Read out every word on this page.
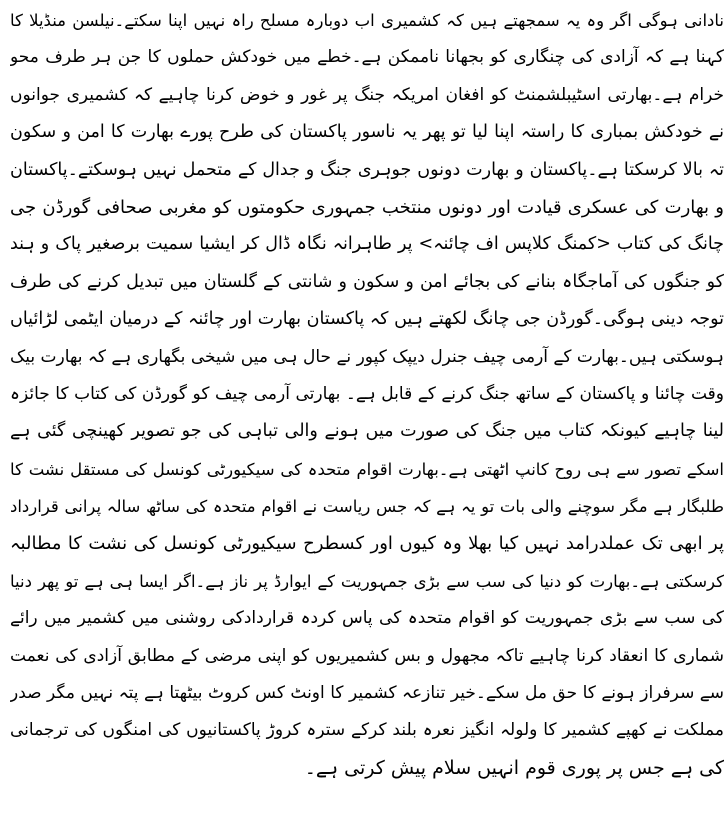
نادانی ہوگی اگر وہ یہ سمجھتے ہیں کہ کشمیری اب دوبارہ مسلح راہ نہیں اپنا سکتے۔نیلسن منڈیلا کا
کہنا ہے کہ آزادی کی چنگاری کو بجھانا ناممکن ہے۔خطے میں خودکش حملوں کا جن ہر طرف محو
خرام ہے۔بھارتی اسٹیبلشمنٹ کو افغان امریکہ جنگ پر غور و خوض کرنا چاہیے کہ کشمیری جوانوں
نے خودکش بمباری کا راستہ اپنا لیا تو پھر یہ ناسور پاکستان کی طرح پورے بھارت کا امن و سکون
تہ بالا کرسکتا ہے۔پاکستان و بھارت دونوں جوہری جنگ و جدال کے متحمل نہیں ہوسکتے۔پاکستان
و بھارت کی عسکری قیادت اور دونوں منتخب جمہوری حکومتوں کو مغربی صحافی گورڈن جی
چانگ کی کتاب <کمنگ کلاپس اف چائنہ> پر طاہرانہ نگاہ ڈال کر ایشیا سمیت برصغیر پاک و ہند
کو جنگوں کی آماجگاہ بنانے کی بجائے امن و سکون و شانتی کے گلستان میں تبدیل کرنے کی طرف
توجہ دینی ہوگی۔گورڈن جی چانگ لکھتے ہیں کہ پاکستان بھارت اور چائنہ کے درمیان ایٹمی لڑائیاں
ہوسکتی ہیں۔بھارت کے آرمی چیف جنرل دیپک کپور نے حال ہی میں شیخی بگھاری ہے کہ بھارت بیک
وقت چائنا و پاکستان کے ساتھ جنگ کرنے کے قابل ہے۔ بھارتی آرمی چیف کو گورڈن کی کتاب کا جائزہ
لینا چاہیے کیونکہ کتاب میں جنگ کی صورت میں ہونے والی تباہی کی جو تصویر کھینچی گئی ہے
اسکے تصور سے ہی روح کانپ اٹھتی ہے۔بھارت اقوام متحدہ کی سیکیورٹی کونسل کی مستقل نشت کا
طلبگار ہے مگر سوچنے والی بات تو یہ ہے کہ جس ریاست نے اقوام متحدہ کی ساٹھ سالہ پرانی قرارداد
پر ابھی تک عملدرامد نہیں کیا بھلا وہ کیوں اور کسطرح سیکیورٹی کونسل کی نشت کا مطالبہ
کرسکتی ہے۔بھارت کو دنیا کی سب سے بڑی جمہوریت کے ایوارڈ پر ناز ہے۔اگر ایسا ہی ہے تو پھر دنیا
کی سب سے بڑی جمہوریت کو اقوام متحدہ کی پاس کردہ قراردادکی روشنی میں کشمیر میں رائے
شماری کا انعقاد کرنا چاہیے تاکہ مجھول و بس کشمیریوں کو اپنی مرضی کے مطابق آزادی کی نعمت
سے سرفراز ہونے کا حق مل سکے۔خیر تنازعہ کشمیر کا اونٹ کس کروٹ بیٹھتا ہے پتہ نہیں مگر صدر
مملکت نے کھپے کشمیر کا ولولہ انگیز نعرہ بلند کرکے سترہ کروڑ پاکستانیوں کی امنگوں کی ترجمانی
کی ہے جس پر پوری قوم انہیں سلام پیش کرتی ہے۔
